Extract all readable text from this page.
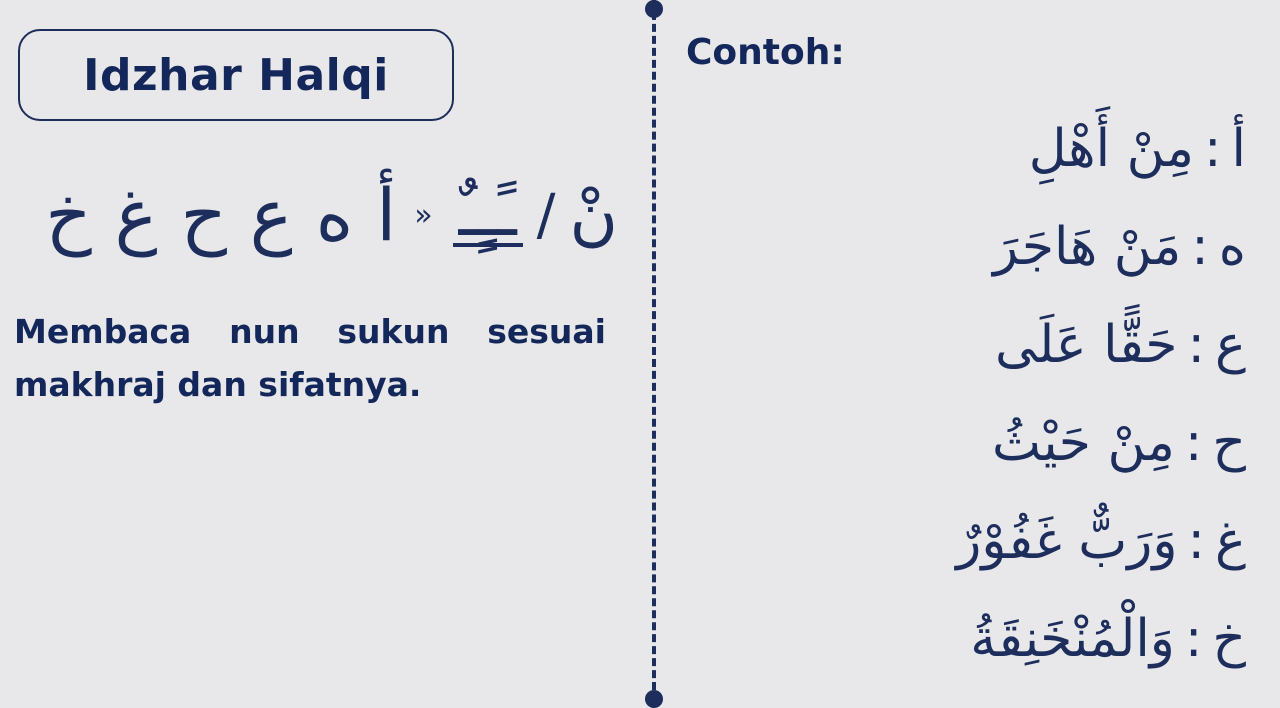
Idzhar Halqi
نْ
/
ـًـٍـٌ
»
أ ه ع ح غ خ

Membaca nun sukun sesuai makhraj dan sifatnya.

Contoh:
أ:مِنْ أَهْلِ
ه:مَنْ هَاجَرَ
ع:حَقًّا عَلَى
ح:مِنْ حَيْثُ
غ:وَرَبٌّ غَفُوْرٌ
خ:وَالْمُنْخَنِقَةُ
